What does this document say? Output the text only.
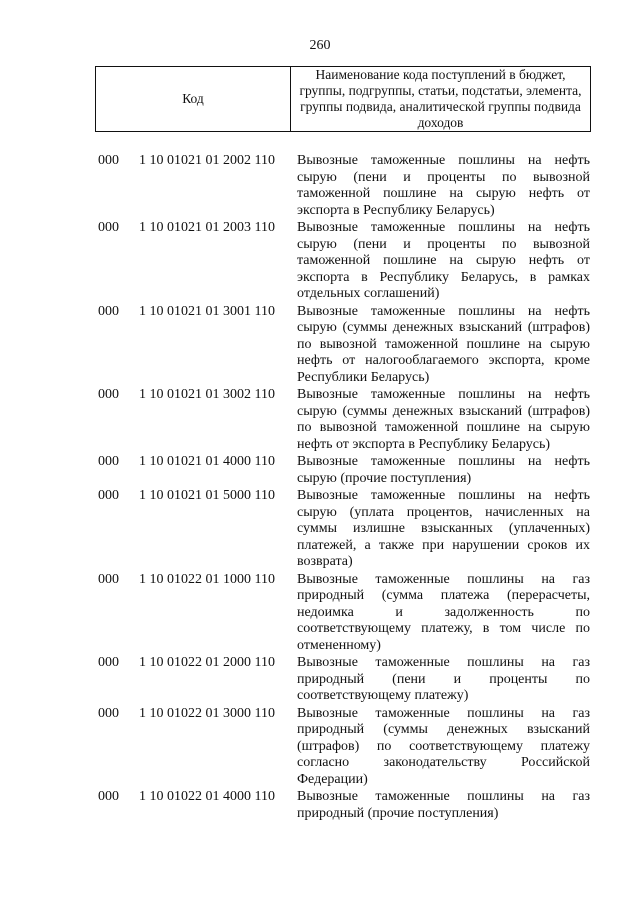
260
Код	Наименование кода поступлений в бюджет, группы, подгруппы, статьи, подстатьи, элемента, группы подвида, аналитической группы подвида доходов
000 1 10 01021 01 2002 110 Вывозные таможенные пошлины на нефть сырую (пени и проценты по вывозной таможенной пошлине на сырую нефть от экспорта в Республику Беларусь)
000 1 10 01021 01 2003 110 Вывозные таможенные пошлины на нефть сырую (пени и проценты по вывозной таможенной пошлине на сырую нефть от экспорта в Республику Беларусь, в рамках отдельных соглашений)
000 1 10 01021 01 3001 110 Вывозные таможенные пошлины на нефть сырую (суммы денежных взысканий (штрафов) по вывозной таможенной пошлине на сырую нефть от налогооблагаемого экспорта, кроме Республики Беларусь)
000 1 10 01021 01 3002 110 Вывозные таможенные пошлины на нефть сырую (суммы денежных взысканий (штрафов) по вывозной таможенной пошлине на сырую нефть от экспорта в Республику Беларусь)
000 1 10 01021 01 4000 110 Вывозные таможенные пошлины на нефть сырую (прочие поступления)
000 1 10 01021 01 5000 110 Вывозные таможенные пошлины на нефть сырую (уплата процентов, начисленных на суммы излишне взысканных (уплаченных) платежей, а также при нарушении сроков их возврата)
000 1 10 01022 01 1000 110 Вывозные таможенные пошлины на газ природный (сумма платежа (перерасчеты, недоимка и задолженность по соответствующему платежу, в том числе по отмененному)
000 1 10 01022 01 2000 110 Вывозные таможенные пошлины на газ природный (пени и проценты по соответствующему платежу)
000 1 10 01022 01 3000 110 Вывозные таможенные пошлины на газ природный (суммы денежных взысканий (штрафов) по соответствующему платежу согласно законодательству Российской Федерации)
000 1 10 01022 01 4000 110 Вывозные таможенные пошлины на газ природный (прочие поступления)
